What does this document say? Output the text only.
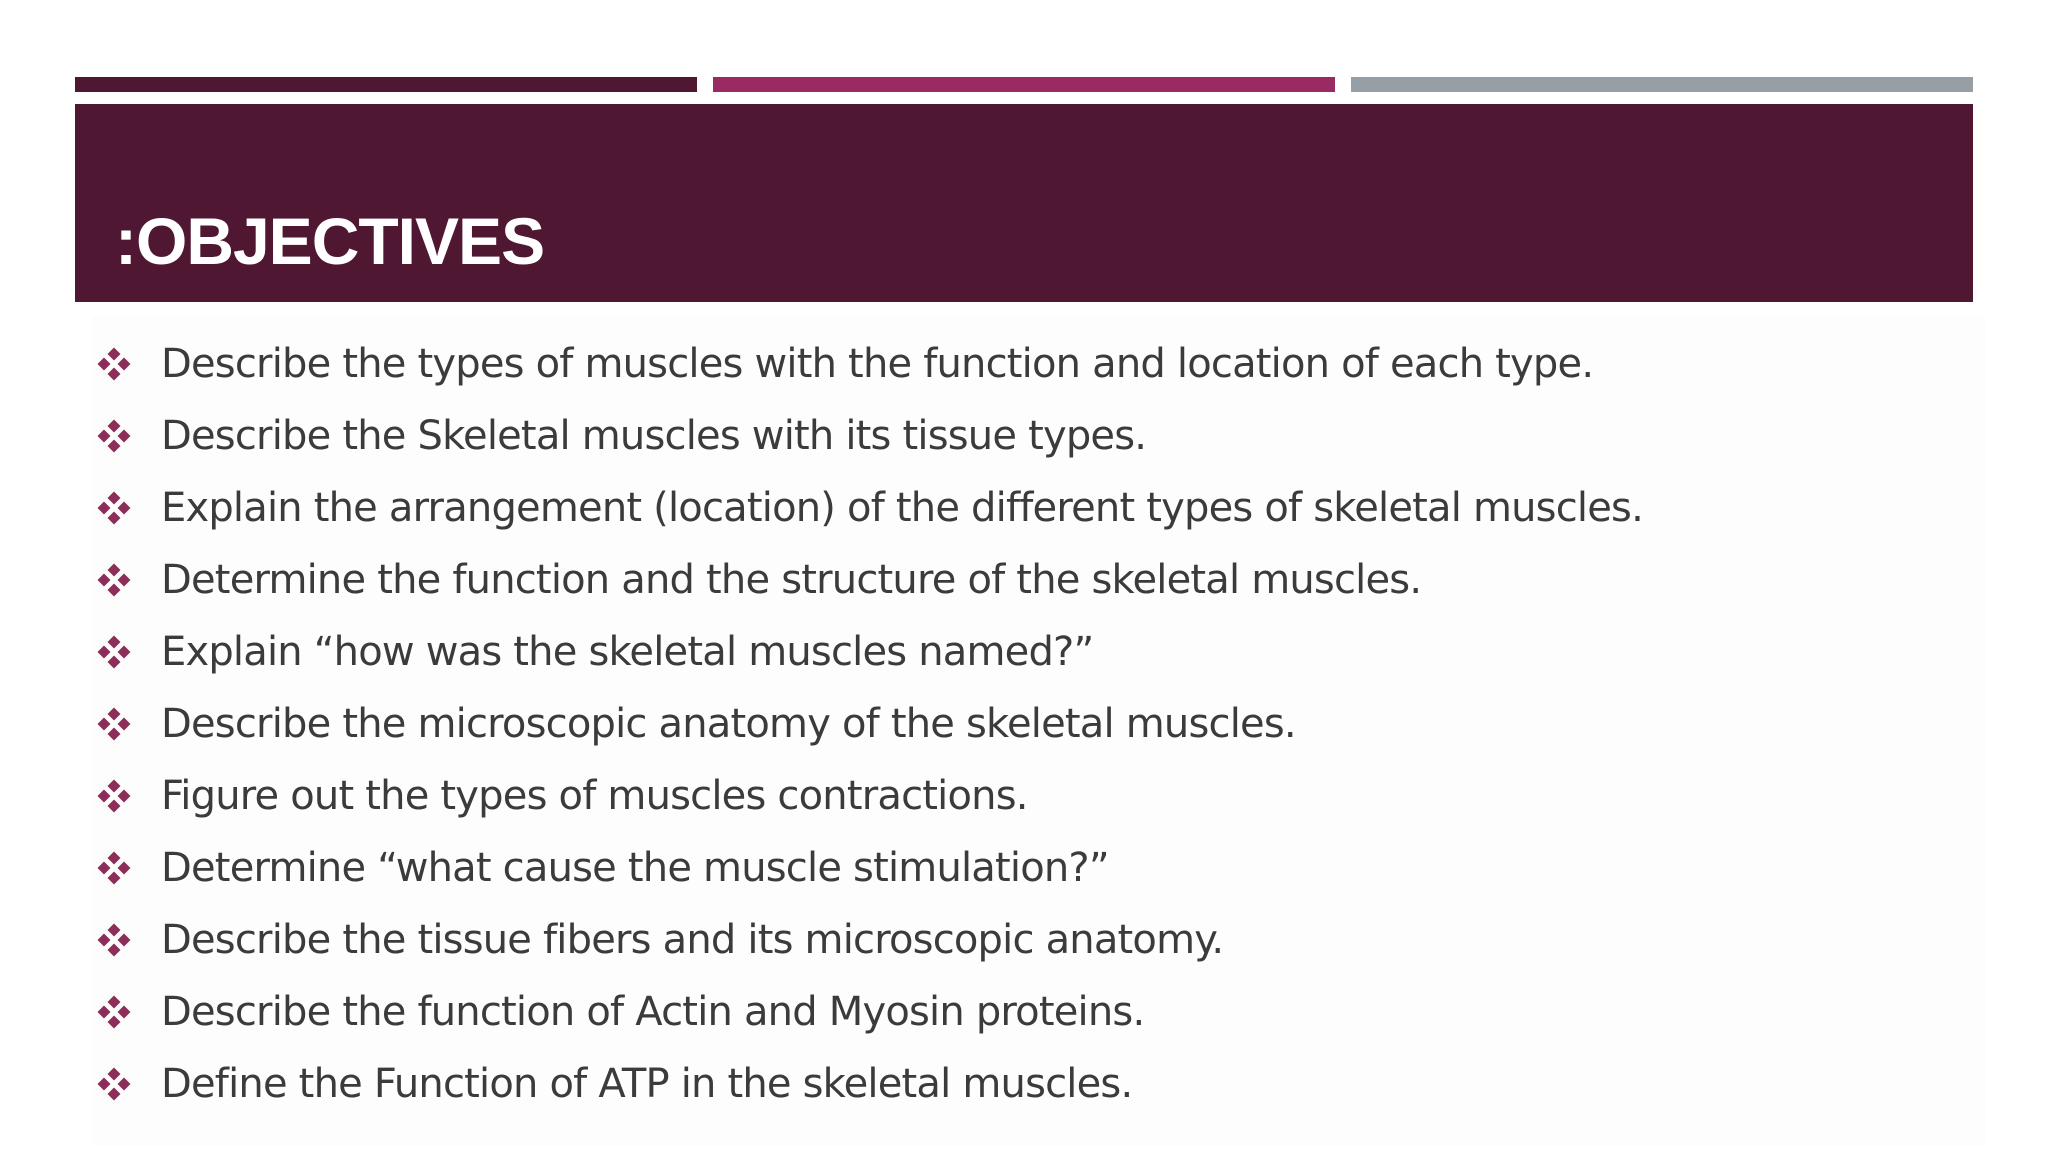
:OBJECTIVES
Describe the types of muscles with the function and location of each type.
Describe the Skeletal muscles with its tissue types.
Explain the arrangement (location) of the different types of skeletal muscles.
Determine the function and the structure of the skeletal muscles.
Explain “how was the skeletal muscles named?”
Describe the microscopic anatomy of the skeletal muscles.
Figure out the types of muscles contractions.
Determine “what cause the muscle stimulation?”
Describe the tissue fibers and its microscopic anatomy.
Describe the function of Actin and Myosin proteins.
Define the Function of ATP in the skeletal muscles.
